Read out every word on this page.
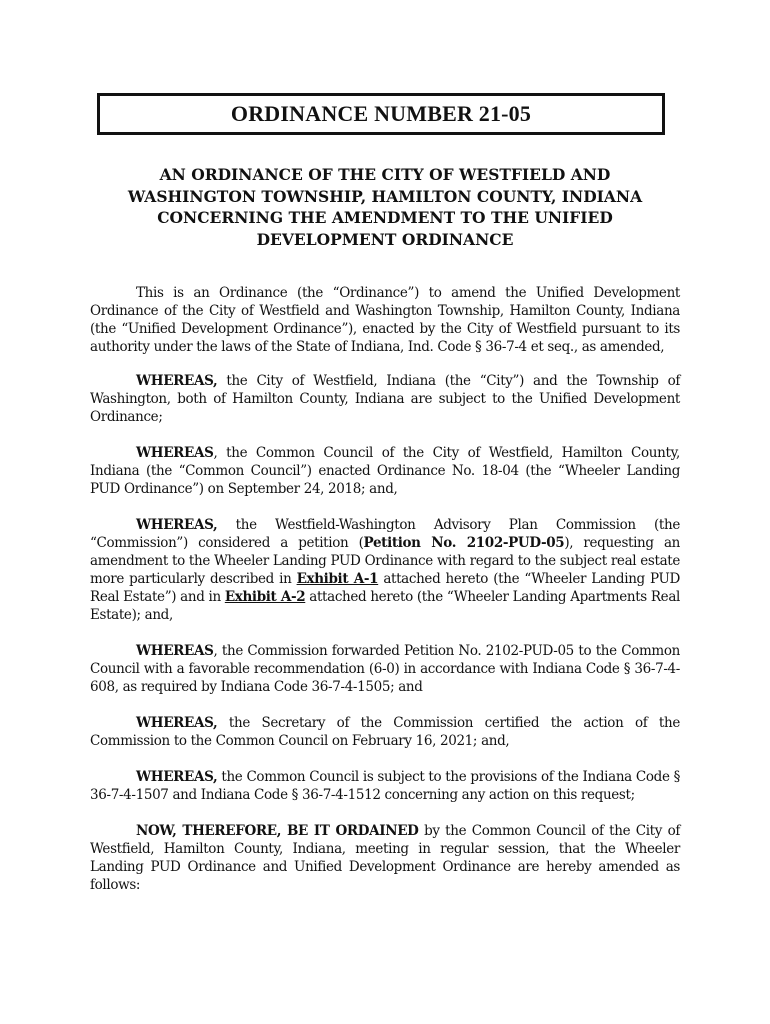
ORDINANCE NUMBER 21-05
AN ORDINANCE OF THE CITY OF WESTFIELD AND
WASHINGTON TOWNSHIP, HAMILTON COUNTY, INDIANA
CONCERNING THE AMENDMENT TO THE UNIFIED
DEVELOPMENT ORDINANCE

This is an Ordinance (the “Ordinance”) to amend the Unified Development Ordinance of the City of Westfield and Washington Township, Hamilton County, Indiana (the “Unified Development Ordinance”), enacted by the City of Westfield pursuant to its authority under the laws of the State of Indiana, Ind. Code § 36-7-4 et seq., as amended,

WHEREAS, the City of Westfield, Indiana (the “City”) and the Township of Washington, both of Hamilton County, Indiana are subject to the Unified Development Ordinance;

WHEREAS, the Common Council of the City of Westfield, Hamilton County, Indiana (the “Common Council”) enacted Ordinance No. 18-04 (the “Wheeler Landing PUD Ordinance”) on September 24, 2018; and,

WHEREAS, the Westfield-Washington Advisory Plan Commission (the “Commission”) considered a petition (Petition No. 2102-PUD-05), requesting an amendment to the Wheeler Landing PUD Ordinance with regard to the subject real estate more particularly described in Exhibit A-1 attached hereto (the “Wheeler Landing PUD Real Estate”) and in Exhibit A-2 attached hereto (the “Wheeler Landing Apartments Real Estate); and,

WHEREAS, the Commission forwarded Petition No. 2102-PUD-05 to the Common Council with a favorable recommendation (6-0) in accordance with Indiana Code § 36-7-4-608, as required by Indiana Code 36-7-4-1505; and

WHEREAS, the Secretary of the Commission certified the action of the Commission to the Common Council on February 16, 2021; and,

WHEREAS, the Common Council is subject to the provisions of the Indiana Code § 36-7-4-1507 and Indiana Code § 36-7-4-1512 concerning any action on this request;

NOW, THEREFORE, BE IT ORDAINED by the Common Council of the City of Westfield, Hamilton County, Indiana, meeting in regular session, that the Wheeler Landing PUD Ordinance and Unified Development Ordinance are hereby amended as follows:
